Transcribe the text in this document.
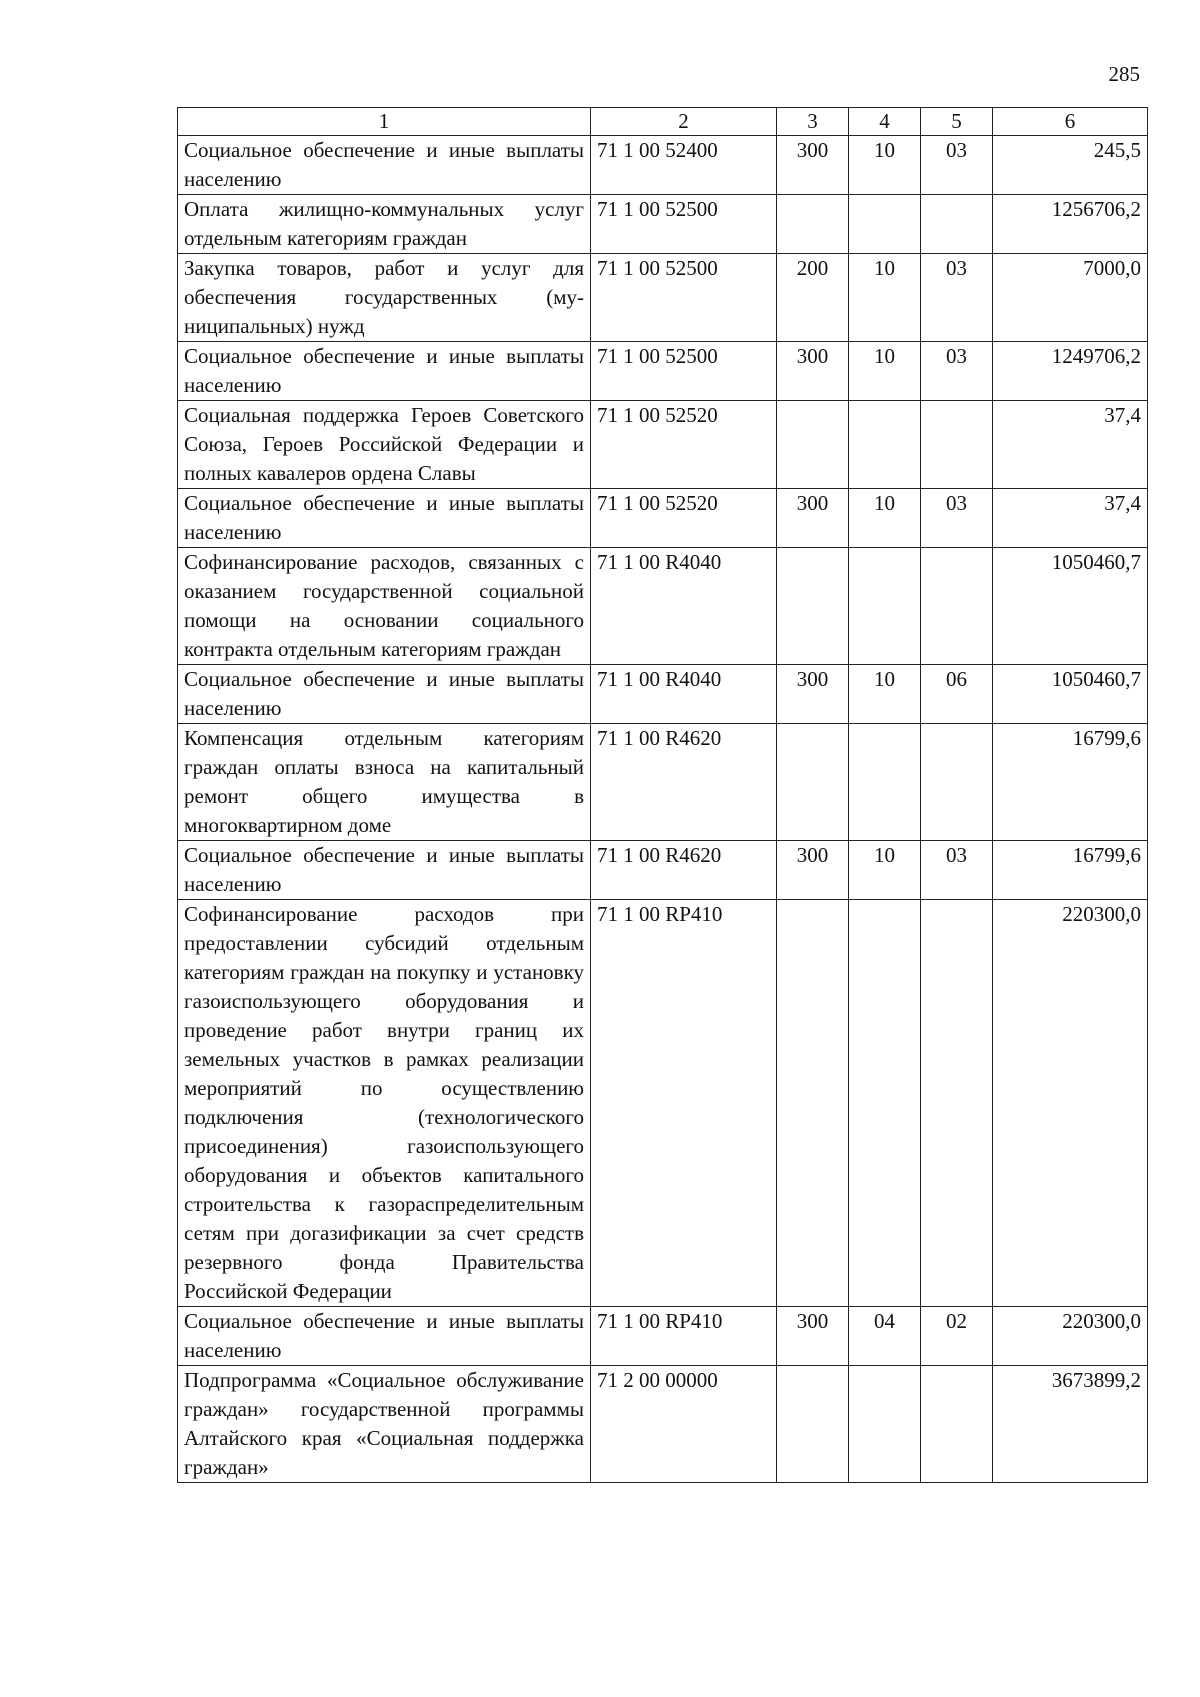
285
1	2	3	4	5	6
Социальное обеспечение и иные выплаты населению	71 1 00 52400	300	10	03	245,5
Оплата жилищно-коммунальных услуг отдельным категориям граждан	71 1 00 52500				1256706,2
Закупка товаров, работ и услуг для обеспечения государственных (муниципальных) нужд	71 1 00 52500	200	10	03	7000,0
Социальное обеспечение и иные выплаты населению	71 1 00 52500	300	10	03	1249706,2
Социальная поддержка Героев Советского Союза, Героев Российской Федерации и полных кавалеров ордена Славы	71 1 00 52520				37,4
Социальное обеспечение и иные выплаты населению	71 1 00 52520	300	10	03	37,4
Софинансирование расходов, связанных с оказанием государственной социальной помощи на основании социального контракта отдельным категориям граждан	71 1 00 R4040				1050460,7
Социальное обеспечение и иные выплаты населению	71 1 00 R4040	300	10	06	1050460,7
Компенсация отдельным категориям граждан оплаты взноса на капитальный ремонт общего имущества в многоквартирном доме	71 1 00 R4620				16799,6
Социальное обеспечение и иные выплаты населению	71 1 00 R4620	300	10	03	16799,6
Софинансирование расходов при предоставлении субсидий отдельным категориям граждан на покупку и установку газоиспользующего оборудования и проведение работ внутри границ их земельных участков в рамках реализации мероприятий по осуществлению подключения (технологического присоединения) газоиспользующего оборудования и объектов капитального строительства к газораспределительным сетям при догазификации за счет средств резервного фонда Правительства Российской Федерации	71 1 00 RP410				220300,0
Социальное обеспечение и иные выплаты населению	71 1 00 RP410	300	04	02	220300,0
Подпрограмма «Социальное обслуживание граждан» государственной программы Алтайского края «Социальная поддержка граждан»	71 2 00 00000				3673899,2
